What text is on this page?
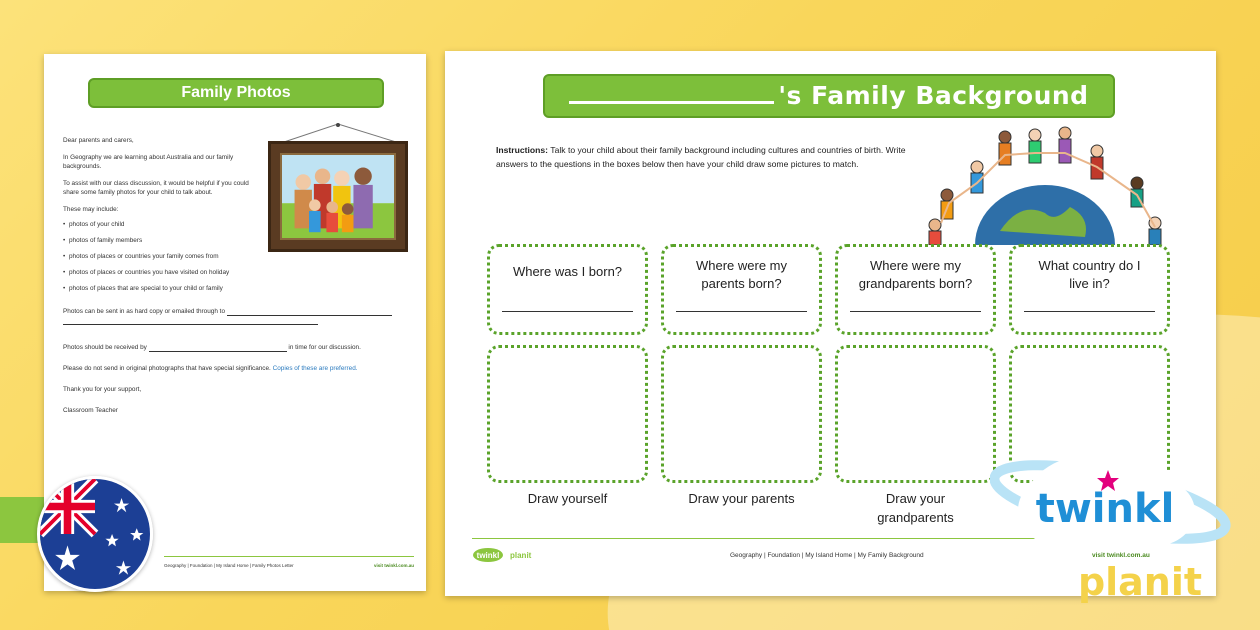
Family Photos

Dear parents and carers,

In Geography we are learning about Australia and our family backgrounds.

To assist with our class discussion, it would be helpful if you could share some family photos for your child to talk about.

These may include:

• photos of your child
• photos of family members
• photos of places or countries your family comes from
• photos of places or countries you have visited on holiday
• photos of places that are special to your child or family

Photos can be sent in as hard copy or emailed through to

Photos should be received by	in time for our discussion.

Please do not send in original photographs that have special significance. Copies of these are preferred.

Thank you for your support,

Classroom Teacher

Geography | Foundation | My Island Home | Family Photos Letter	visit twinkl.com.au
's Family Background
Instructions: Talk to your child about their family background including cultures and countries of birth. Write answers to the questions in the boxes below then have your child draw some pictures to match.
Where was I born?	Where were my parents born?
Where were my grandparents born?
What country do I live in?
Draw yourself	Draw your parents	Draw your grandparents
twinkl planit	Geography | Foundation | My Island Home | My Family Background	visit twinkl.com.au
twinkl
planit
